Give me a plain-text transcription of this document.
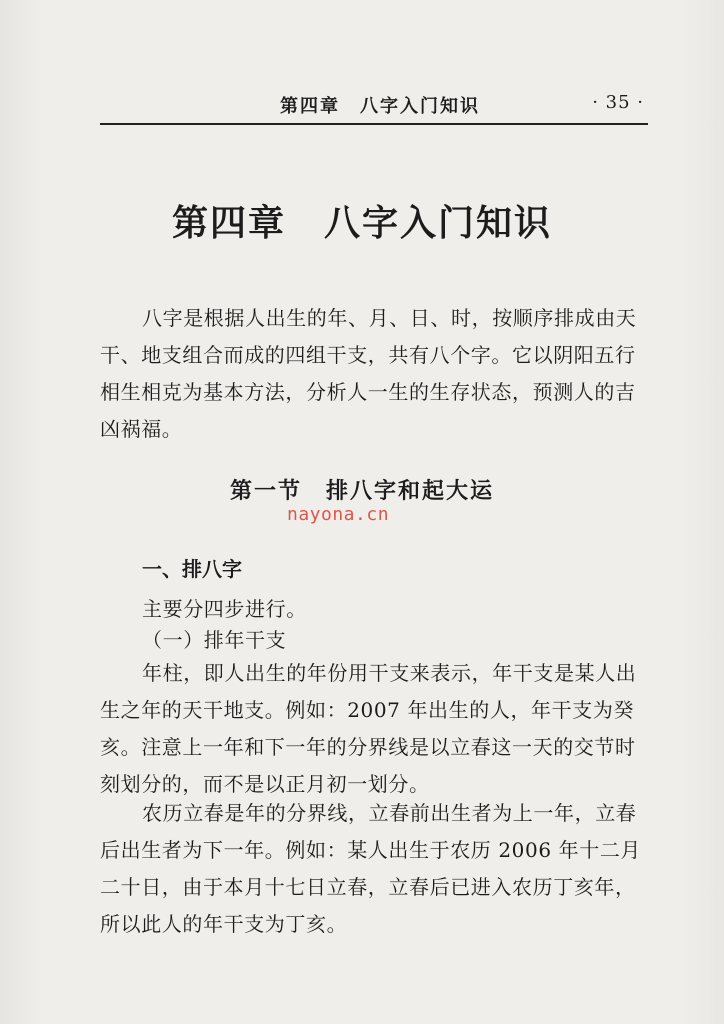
第四章　八字入门知识	· 35 ·
第四章　八字入门知识
八字是根据人出生的年、月、日、时，按顺序排成由天干、地支组合而成的四组干支，共有八个字。它以阴阳五行相生相克为基本方法，分析人一生的生存状态，预测人的吉凶祸福。
第一节　排八字和起大运
nayona.cn
一、排八字
主要分四步进行。
（一）排年干支
年柱，即人出生的年份用干支来表示，年干支是某人出生之年的天干地支。例如：2007 年出生的人，年干支为癸亥。注意上一年和下一年的分界线是以立春这一天的交节时刻划分的，而不是以正月初一划分。
农历立春是年的分界线，立春前出生者为上一年，立春后出生者为下一年。例如：某人出生于农历 2006 年十二月二十日，由于本月十七日立春，立春后已进入农历丁亥年，所以此人的年干支为丁亥。
